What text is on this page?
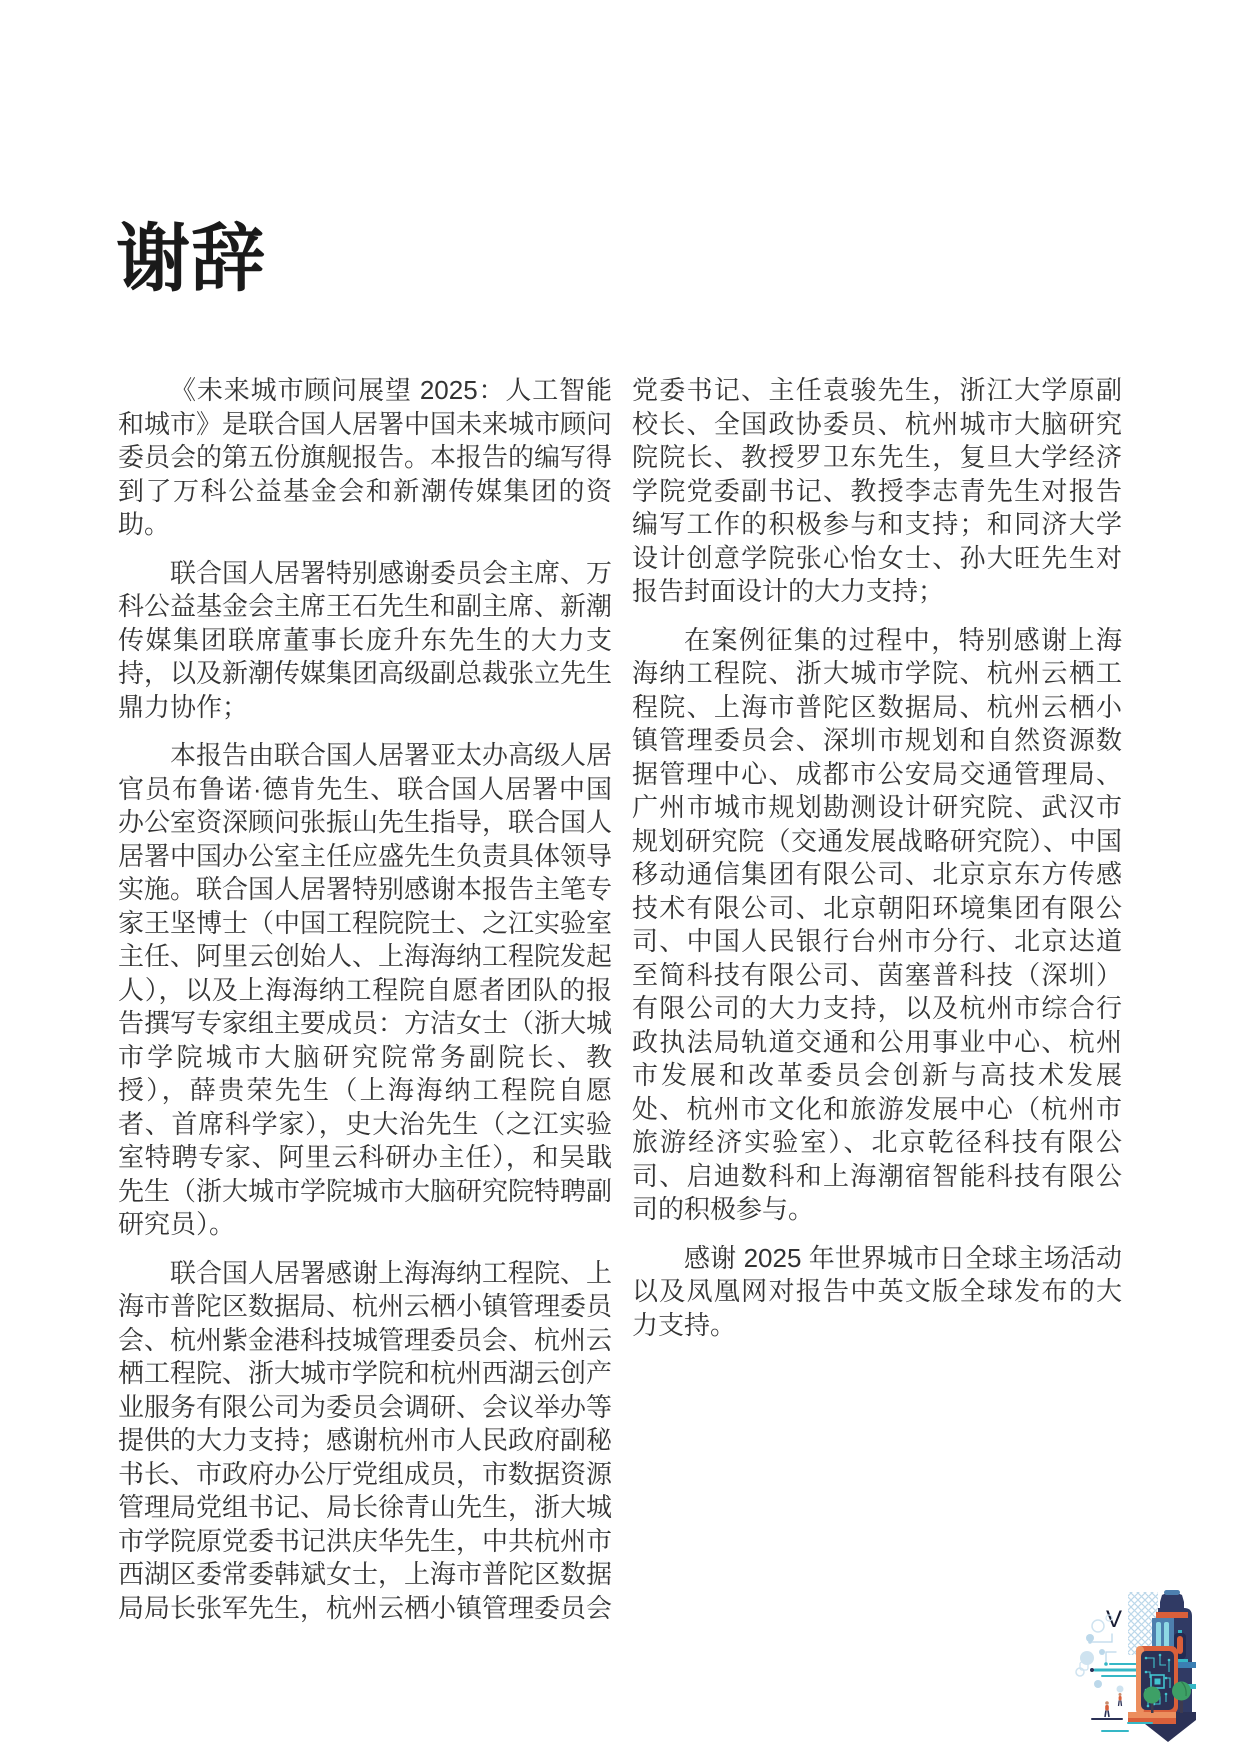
谢辞

《未来城市顾问展望 2025：人工智能和城市》是联合国人居署中国未来城市顾问委员会的第五份旗舰报告。本报告的编写得到了万科公益基金会和新潮传媒集团的资助。

联合国人居署特别感谢委员会主席、万科公益基金会主席王石先生和副主席、新潮传媒集团联席董事长庞升东先生的大力支持，以及新潮传媒集团高级副总裁张立先生鼎力协作；

本报告由联合国人居署亚太办高级人居官员布鲁诺·德肯先生、联合国人居署中国办公室资深顾问张振山先生指导，联合国人居署中国办公室主任应盛先生负责具体领导实施。联合国人居署特别感谢本报告主笔专家王坚博士（中国工程院院士、之江实验室主任、阿里云创始人、上海海纳工程院发起人），以及上海海纳工程院自愿者团队的报告撰写专家组主要成员：方洁女士（浙大城市学院城市大脑研究院常务副院长、教授），薛贵荣先生（上海海纳工程院自愿者、首席科学家），史大治先生（之江实验室特聘专家、阿里云科研办主任），和吴戢先生（浙大城市学院城市大脑研究院特聘副研究员）。

联合国人居署感谢上海海纳工程院、上海市普陀区数据局、杭州云栖小镇管理委员会、杭州紫金港科技城管理委员会、杭州云栖工程院、浙大城市学院和杭州西湖云创产业服务有限公司为委员会调研、会议举办等提供的大力支持；感谢杭州市人民政府副秘书长、市政府办公厅党组成员，市数据资源管理局党组书记、局长徐青山先生，浙大城市学院原党委书记洪庆华先生，中共杭州市西湖区委常委韩斌女士，上海市普陀区数据局局长张军先生，杭州云栖小镇管理委员会

党委书记、主任袁骏先生，浙江大学原副校长、全国政协委员、杭州城市大脑研究院院长、教授罗卫东先生，复旦大学经济学院党委副书记、教授李志青先生对报告编写工作的积极参与和支持；和同济大学设计创意学院张心怡女士、孙大旺先生对报告封面设计的大力支持；

在案例征集的过程中，特别感谢上海海纳工程院、浙大城市学院、杭州云栖工程院、上海市普陀区数据局、杭州云栖小镇管理委员会、深圳市规划和自然资源数据管理中心、成都市公安局交通管理局、广州市城市规划勘测设计研究院、武汉市规划研究院（交通发展战略研究院）、中国移动通信集团有限公司、北京京东方传感技术有限公司、北京朝阳环境集团有限公司、中国人民银行台州市分行、北京达道至简科技有限公司、茵塞普科技（深圳）有限公司的大力支持，以及杭州市综合行政执法局轨道交通和公用事业中心、杭州市发展和改革委员会创新与高技术发展处、杭州市文化和旅游发展中心（杭州市旅游经济实验室）、北京乾径科技有限公司、启迪数科和上海潮宿智能科技有限公司的积极参与。

感谢 2025 年世界城市日全球主场活动以及凤凰网对报告中英文版全球发布的大力支持。

V
